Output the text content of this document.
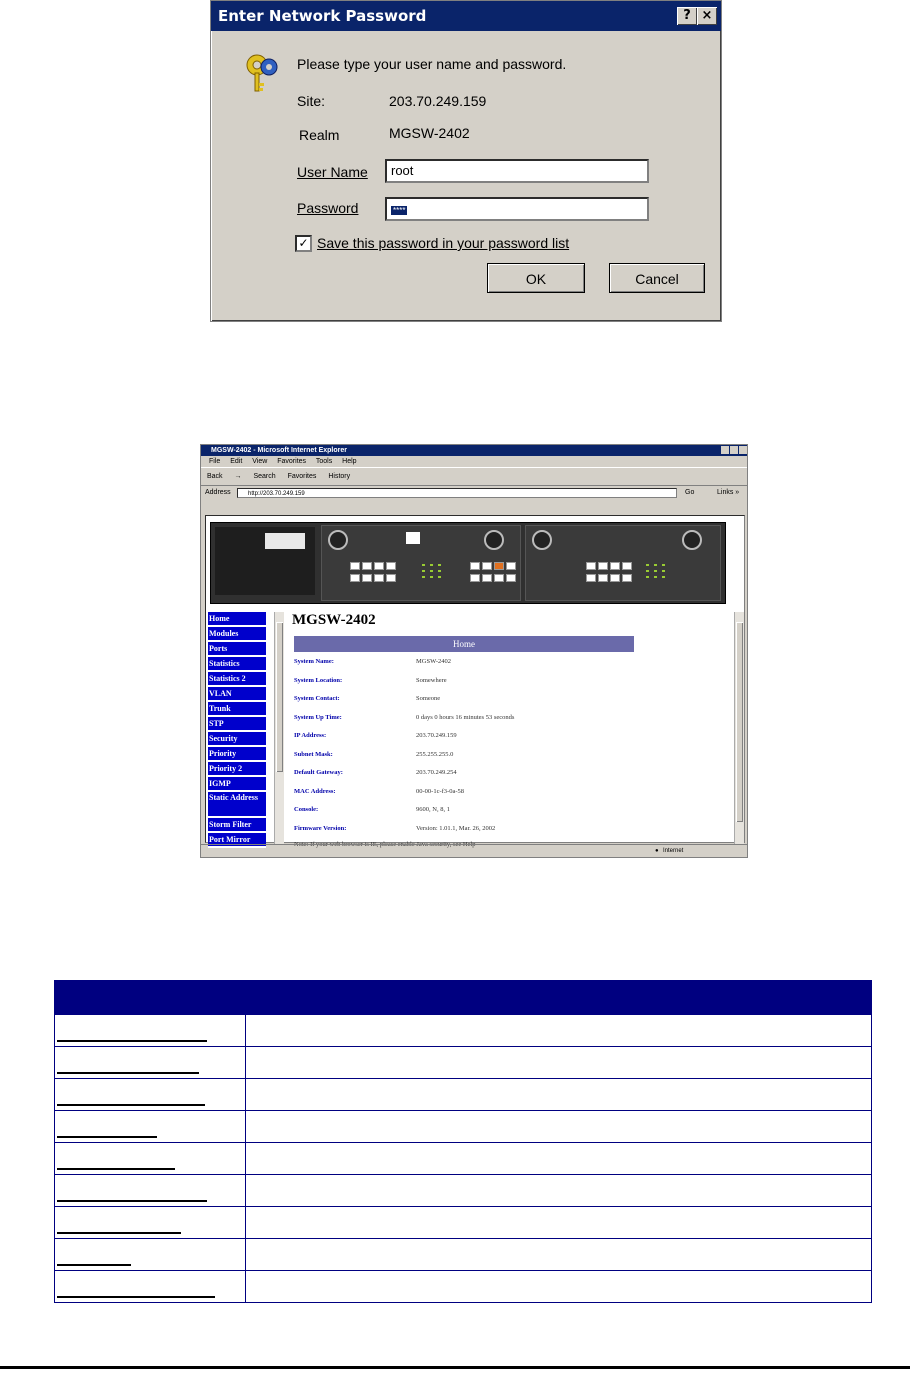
Enter Network Password	? ×
Please type your user name and password.
Site:	203.70.249.159
Realm	MGSW-2402
User Name	root
Password	****
✓ Save this password in your password list
OK	Cancel
MGSW-2402 - Microsoft Internet Explorer
File Edit View Favorites Tools Help
Back → Search Favorites History
Address	http://203.70.249.159	Go	Links »
Home
Modules
Ports
Statistics
Statistics 2
VLAN
Trunk
STP
Security
Priority
Priority 2
IGMP
Static Address
Storm Filter
Port Mirror
MGSW-2402
Home
System Name:	MGSW-2402
System Location:	Somewhere
System Contact:	Someone
System Up Time:	0 days 0 hours 16 minutes 53 seconds
IP Address:	203.70.249.159
Subnet Mask:	255.255.255.0
Default Gateway:	203.70.249.254
MAC Address:	00-00-1c-f3-0a-58
Console:	9600, N, 8, 1
Firmware Version:	Version: 1.01.1, Mar. 26, 2002
Note: If your web browser is IE, please enable Java security, see Help
● Internet
